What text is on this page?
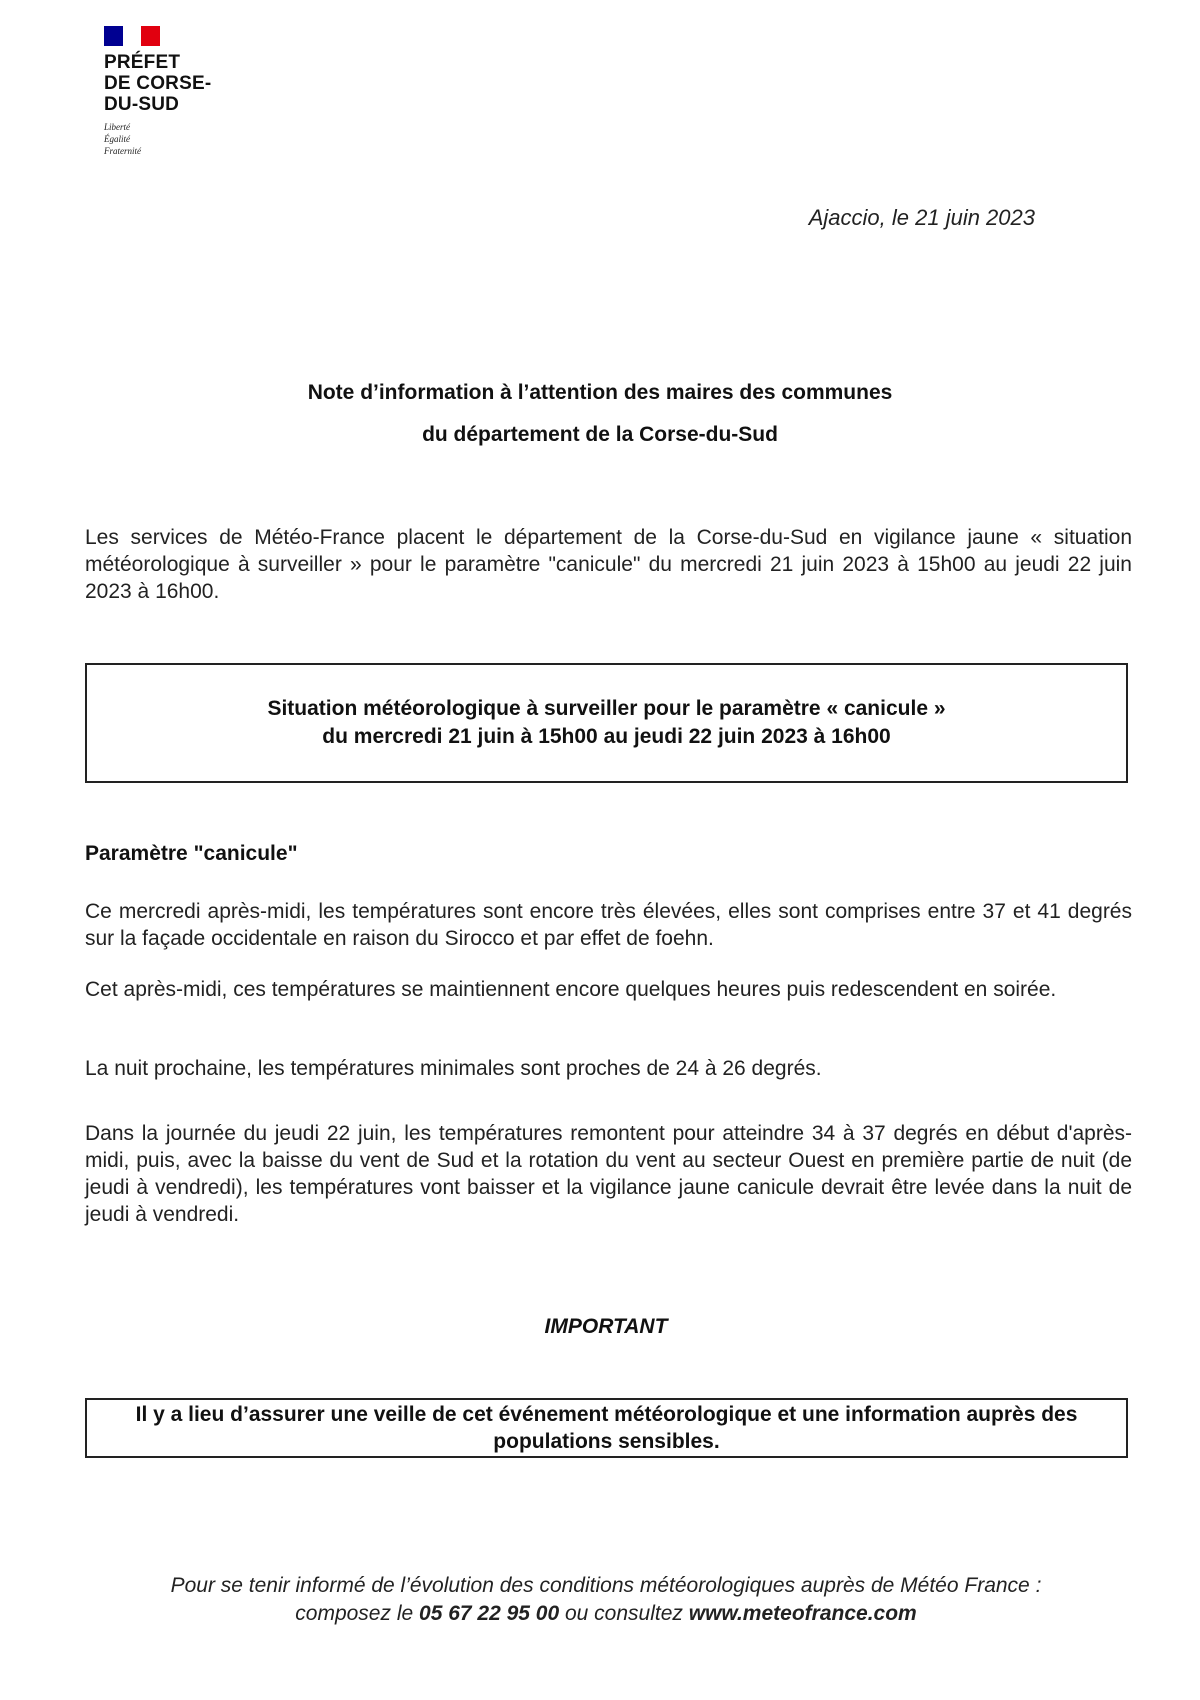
PRÉFET
DE CORSE-
DU-SUD
Liberté
Égalité
Fraternité
Ajaccio, le 21 juin 2023
Note d’information à l’attention des maires des communes
du département de la Corse-du-Sud
Les services de Météo-France placent le département de la Corse-du-Sud en vigilance jaune « situation météorologique à surveiller » pour le paramètre "canicule" du mercredi 21 juin 2023 à 15h00 au jeudi 22 juin 2023 à 16h00.
Situation météorologique à surveiller pour le paramètre « canicule »
du mercredi 21 juin à 15h00 au jeudi 22 juin 2023 à 16h00
Paramètre "canicule"
Ce mercredi après-midi, les températures sont encore très élevées, elles sont comprises entre 37 et 41 degrés sur la façade occidentale en raison du Sirocco et par effet de foehn.
Cet après-midi, ces températures se maintiennent encore quelques heures puis redescendent en soirée.
La nuit prochaine, les températures minimales sont proches de 24 à 26 degrés.
Dans la journée du jeudi 22 juin, les températures remontent pour atteindre 34 à 37 degrés en début d'après-midi, puis, avec la baisse du vent de Sud et la rotation du vent au secteur Ouest en première partie de nuit (de jeudi à vendredi), les températures vont baisser et la vigilance jaune canicule devrait être levée dans la nuit de jeudi à vendredi.
IMPORTANT
Il y a lieu d’assurer une veille de cet événement météorologique et une information auprès des populations sensibles.
Pour se tenir informé de l’évolution des conditions météorologiques auprès de Météo France :
composez le 05 67 22 95 00 ou consultez www.meteofrance.com
